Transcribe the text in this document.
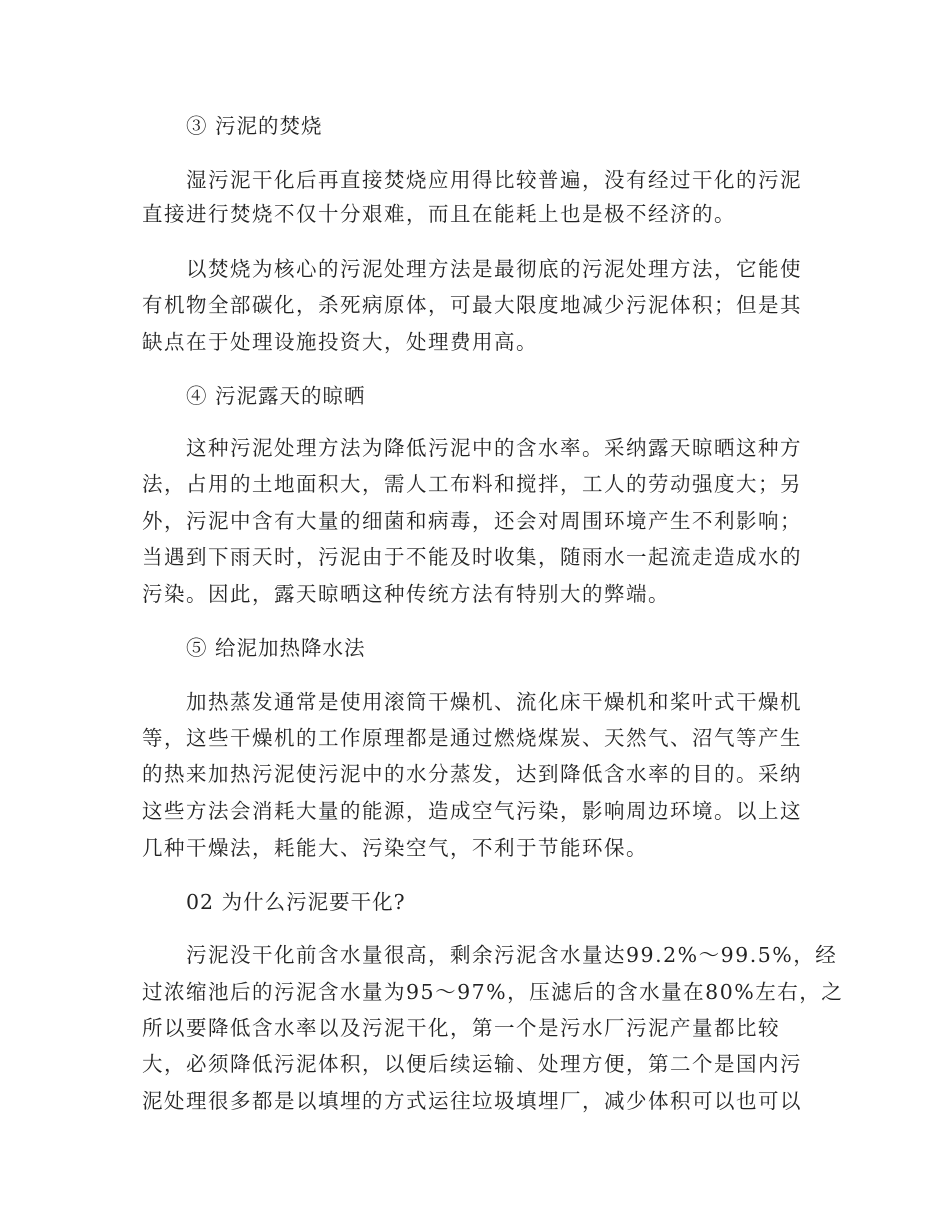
③ 污泥的焚烧
湿污泥干化后再直接焚烧应用得比较普遍，没有经过干化的污泥
直接进行焚烧不仅十分艰难，而且在能耗上也是极不经济的。
以焚烧为核心的污泥处理方法是最彻底的污泥处理方法，它能使
有机物全部碳化，杀死病原体，可最大限度地减少污泥体积；但是其
缺点在于处理设施投资大，处理费用高。
④ 污泥露天的晾晒
这种污泥处理方法为降低污泥中的含水率。采纳露天晾晒这种方
法，占用的土地面积大，需人工布料和搅拌，工人的劳动强度大；另
外，污泥中含有大量的细菌和病毒，还会对周围环境产生不利影响；
当遇到下雨天时，污泥由于不能及时收集，随雨水一起流走造成水的
污染。因此，露天晾晒这种传统方法有特别大的弊端。
⑤ 给泥加热降水法
加热蒸发通常是使用滚筒干燥机、流化床干燥机和桨叶式干燥机
等，这些干燥机的工作原理都是通过燃烧煤炭、天然气、沼气等产生
的热来加热污泥使污泥中的水分蒸发，达到降低含水率的目的。采纳
这些方法会消耗大量的能源，造成空气污染，影响周边环境。以上这
几种干燥法，耗能大、污染空气，不利于节能环保。
02 为什么污泥要干化?
污泥没干化前含水量很高，剩余污泥含水量达99.2%～99.5%，经
过浓缩池后的污泥含水量为95～97%，压滤后的含水量在80%左右，之
所以要降低含水率以及污泥干化，第一个是污水厂污泥产量都比较
大，必须降低污泥体积，以便后续运输、处理方便，第二个是国内污
泥处理很多都是以填埋的方式运往垃圾填埋厂，减少体积可以也可以
